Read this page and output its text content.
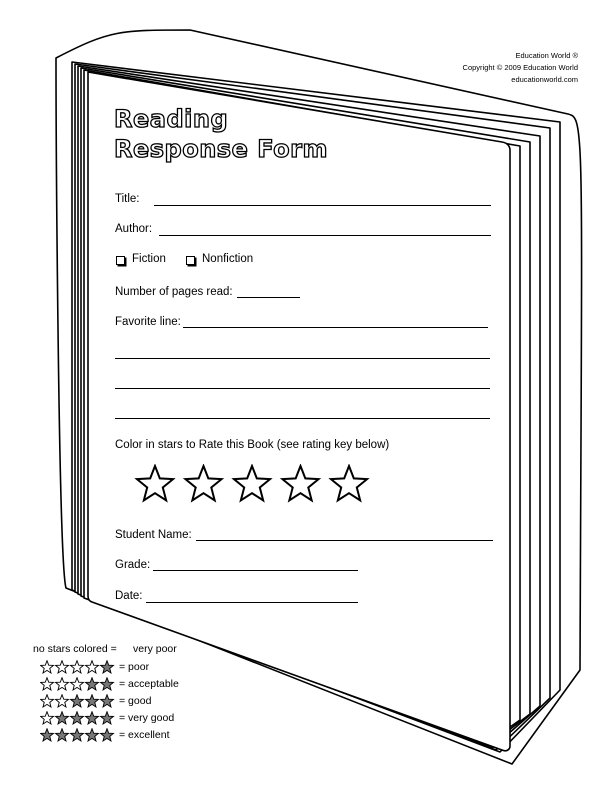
Education World ®
Copyright © 2009 Education World
educationworld.com
Reading
Response Form
Title:
Author:
Fiction	Nonfiction
Number of pages read:
Favorite line:
Color in stars to Rate this Book (see rating key below)
Student Name:
Grade:
Date:
no stars colored = very poor
= poor
= acceptable
= good
= very good
= excellent
